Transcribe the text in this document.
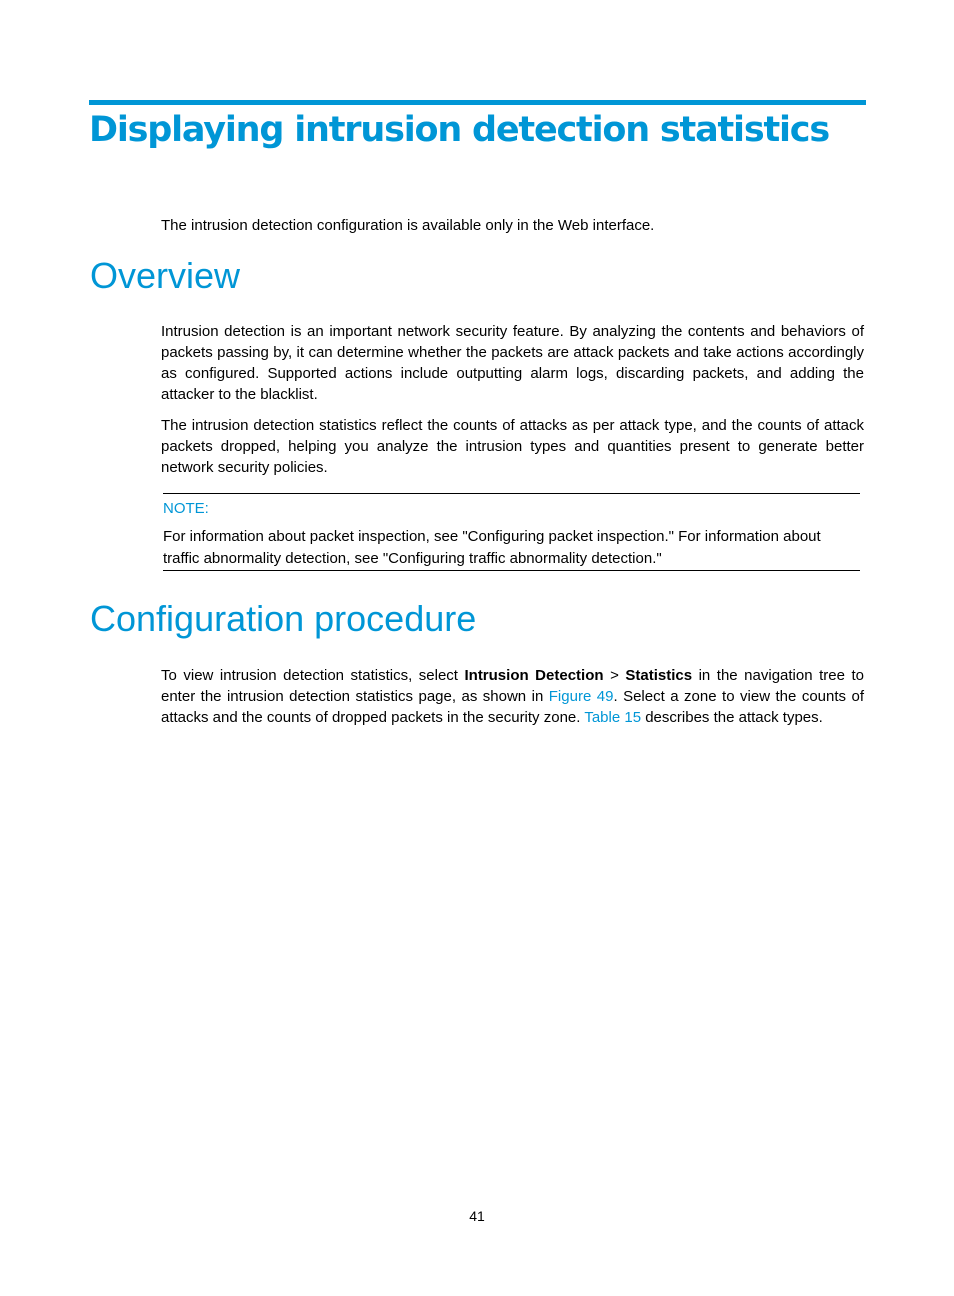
Displaying intrusion detection statistics

The intrusion detection configuration is available only in the Web interface.

Overview

Intrusion detection is an important network security feature. By analyzing the contents and behaviors of packets passing by, it can determine whether the packets are attack packets and take actions accordingly as configured. Supported actions include outputting alarm logs, discarding packets, and adding the attacker to the blacklist.

The intrusion detection statistics reflect the counts of attacks as per attack type, and the counts of attack packets dropped, helping you analyze the intrusion types and quantities present to generate better network security policies.

NOTE:

For information about packet inspection, see "Configuring packet inspection." For information about traffic abnormality detection, see "Configuring traffic abnormality detection."

Configuration procedure

To view intrusion detection statistics, select Intrusion Detection > Statistics in the navigation tree to enter the intrusion detection statistics page, as shown in Figure 49. Select a zone to view the counts of attacks and the counts of dropped packets in the security zone. Table 15 describes the attack types.

41
